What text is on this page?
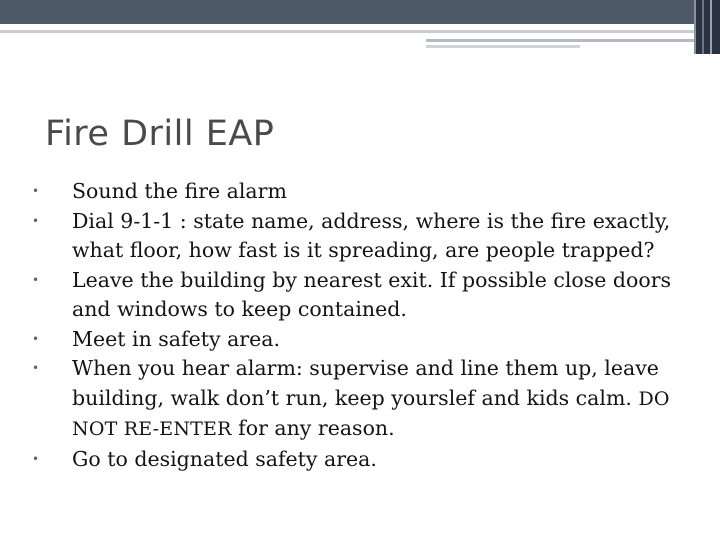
Fire Drill EAP
•	Sound the fire alarm
•	Dial 9-1-1 : state name, address, where is the fire exactly, what floor, how fast is it spreading, are people trapped?
•	Leave the building by nearest exit. If possible close doors and windows to keep contained.
•	Meet in safety area.
•	When you hear alarm: supervise and line them up, leave building, walk don’t run, keep yourslef and kids calm. DO NOT RE-ENTER for any reason.
•	Go to designated safety area.
